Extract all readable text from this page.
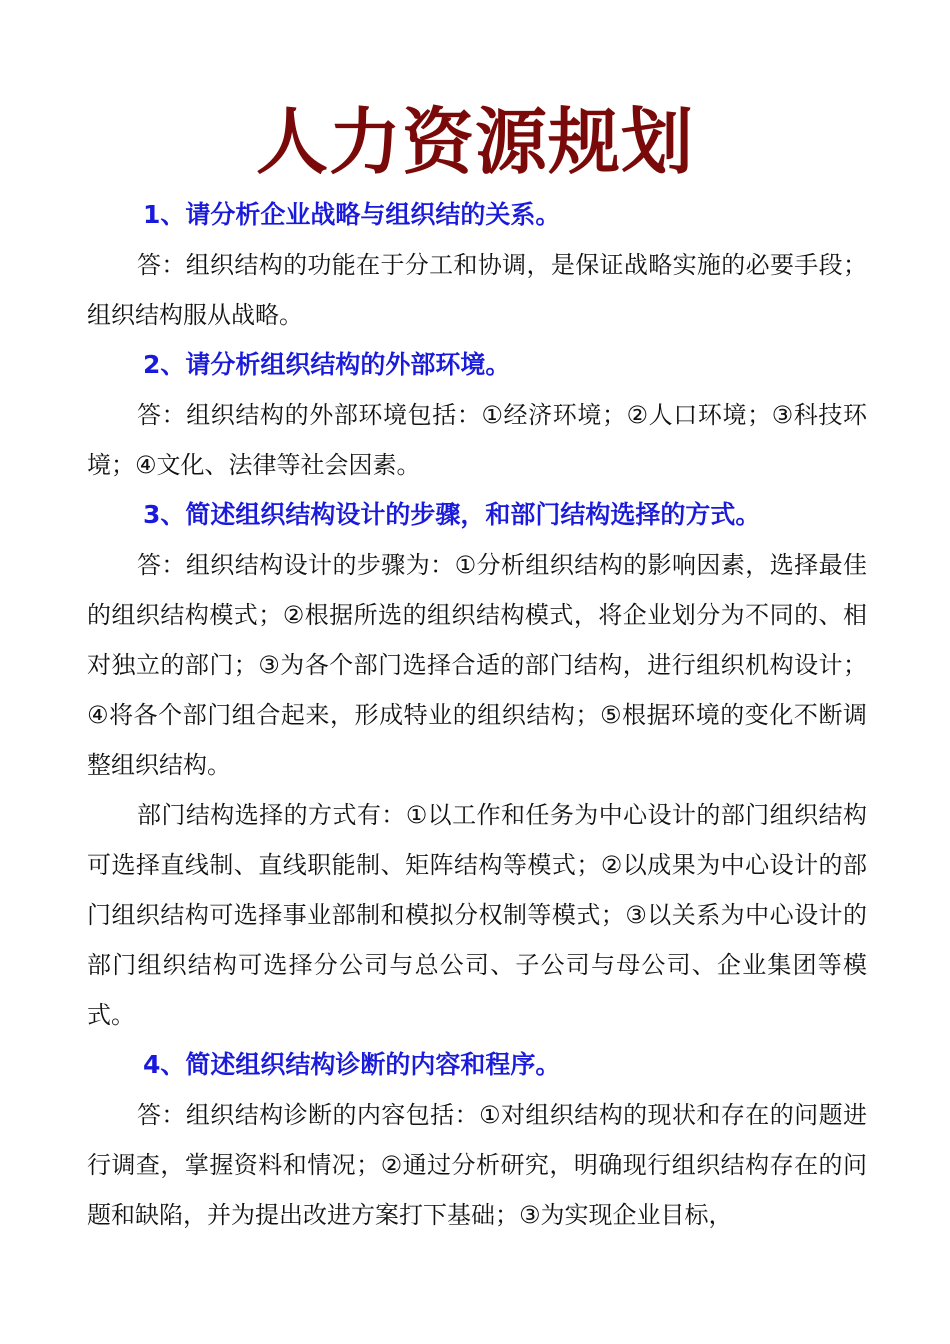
人力资源规划
1、请分析企业战略与组织结的关系。

答：组织结构的功能在于分工和协调，是保证战略实施的必要手段；组织结构服从战略。

2、请分析组织结构的外部环境。

答：组织结构的外部环境包括：①经济环境；②人口环境；③科技环境；④文化、法律等社会因素。

3、简述组织结构设计的步骤，和部门结构选择的方式。

答：组织结构设计的步骤为：①分析组织结构的影响因素，选择最佳的组织结构模式；②根据所选的组织结构模式，将企业划分为不同的、相对独立的部门；③为各个部门选择合适的部门结构，进行组织机构设计；④将各个部门组合起来，形成特业的组织结构；⑤根据环境的变化不断调整组织结构。

部门结构选择的方式有：①以工作和任务为中心设计的部门组织结构可选择直线制、直线职能制、矩阵结构等模式；②以成果为中心设计的部门组织结构可选择事业部制和模拟分权制等模式；③以关系为中心设计的部门组织结构可选择分公司与总公司、子公司与母公司、企业集团等模式。

4、简述组织结构诊断的内容和程序。

答：组织结构诊断的内容包括：①对组织结构的现状和存在的问题进行调查，掌握资料和情况；②通过分析研究，明确现行组织结构存在的问题和缺陷，并为提出改进方案打下基础；③为实现企业目标，
